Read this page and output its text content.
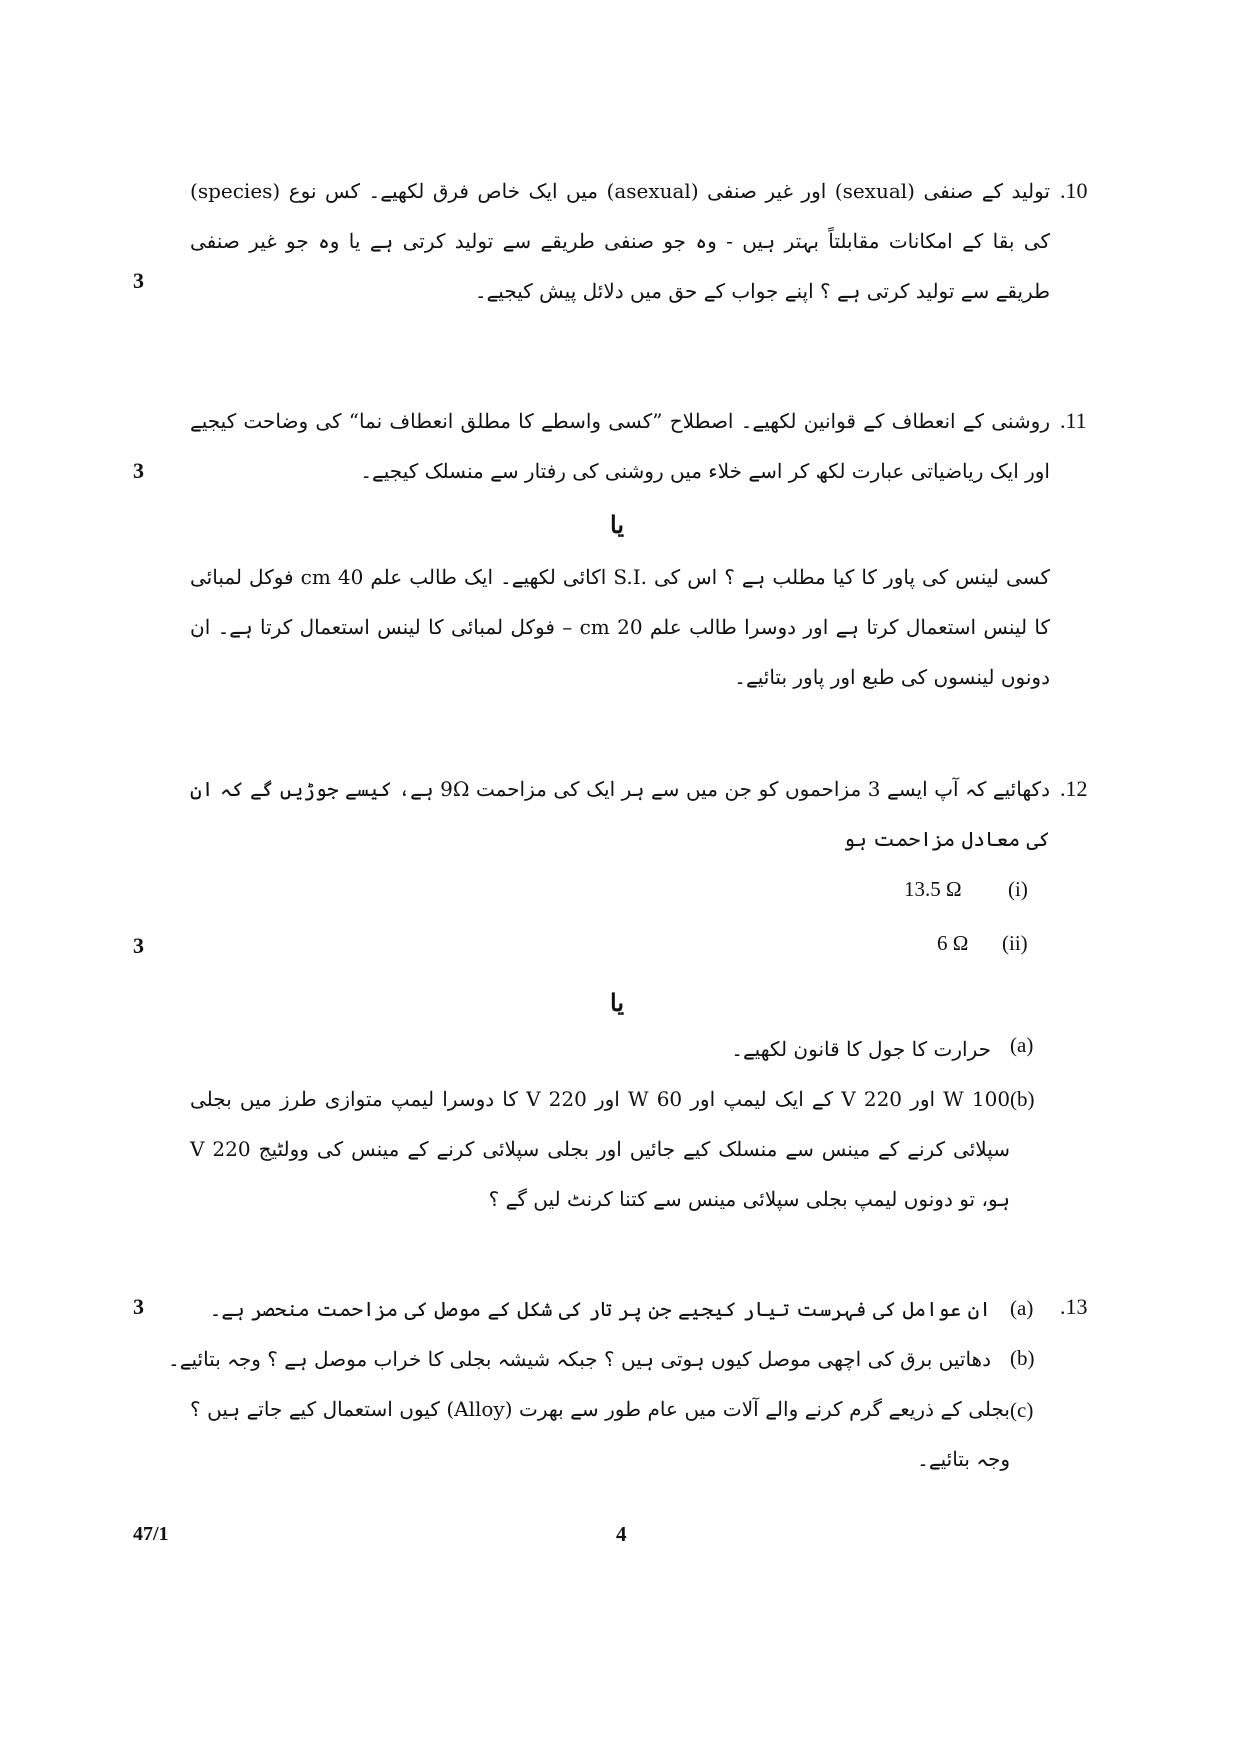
.10
تولید کے صنفی (sexual) اور غیر صنفی (asexual) میں ایک خاص فرق لکھیے۔ کس نوع (species) کی بقا کے امکانات مقابلتاً بہتر ہیں - وہ جو صنفی طریقے سے تولید کرتی ہے یا وہ جو غیر صنفی طریقے سے تولید کرتی ہے ؟ اپنے جواب کے حق میں دلائل پیش کیجیے۔
3
.11
روشنی کے انعطاف کے قوانین لکھیے۔ اصطلاح ”کسی واسطے کا مطلق انعطاف نما“ کی وضاحت کیجیے اور ایک ریاضیاتی عبارت لکھ کر اسے خلاء میں روشنی کی رفتار سے منسلک کیجیے۔
3
یا
کسی لینس کی پاور کا کیا مطلب ہے ؟ اس کی .S.I اکائی لکھیے۔ ایک طالب علم 40 cm فوکل لمبائی کا لینس استعمال کرتا ہے اور دوسرا طالب علم 20 cm – فوکل لمبائی کا لینس استعمال کرتا ہے۔ ان دونوں لینسوں کی طبع اور پاور بتائیے۔
.12
دکھائیے کہ آپ ایسے 3 مزاحموں کو جن میں سے ہر ایک کی مزاحمت 9Ω ہے، کیسے جوڑیں گے کہ ان کی معادل مزاحمت ہو
(i)
13.5 Ω
(ii)
6 Ω
3
یا
(a)
حرارت کا جول کا قانون لکھیے۔
(b)
100 W اور 220 V کے ایک لیمپ اور 60 W اور 220 V کا دوسرا لیمپ متوازی طرز میں بجلی سپلائی کرنے کے مینس سے منسلک کیے جائیں اور بجلی سپلائی کرنے کے مینس کی وولٹیج 220 V ہو، تو دونوں لیمپ بجلی سپلائی مینس سے کتنا کرنٹ لیں گے ؟
.13
3	(a)
ان عوامل کی فہرست تیار کیجیے جن پر تار کی شکل کے موصل کی مزاحمت منحصر ہے۔
(b)
دھاتیں برق کی اچھی موصل کیوں ہوتی ہیں ؟ جبکہ شیشہ بجلی کا خراب موصل ہے ؟ وجہ بتائیے۔
(c)
بجلی کے ذریعے گرم کرنے والے آلات میں عام طور سے بھرت (Alloy) کیوں استعمال کیے جاتے ہیں ؟ وجہ بتائیے۔
47/1	4
